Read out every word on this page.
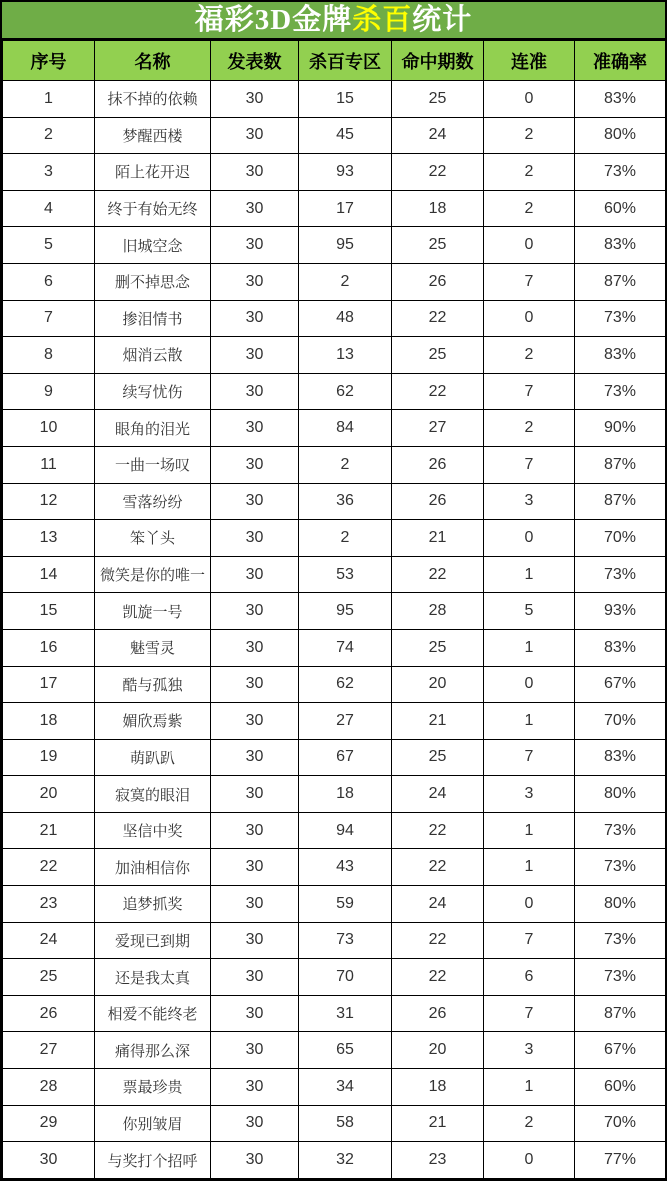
福彩3D金牌杀百统计
序号	名称	发表数	杀百专区	命中期数	连准	准确率
1	抹不掉的依赖	30	15	25	0	83%
2	梦醒西楼	30	45	24	2	80%
3	陌上花开迟	30	93	22	2	73%
4	终于有始无终	30	17	18	2	60%
5	旧城空念	30	95	25	0	83%
6	删不掉思念	30	2	26	7	87%
7	掺泪情书	30	48	22	0	73%
8	烟消云散	30	13	25	2	83%
9	续写忧伤	30	62	22	7	73%
10	眼角的泪光	30	84	27	2	90%
11	一曲一场叹	30	2	26	7	87%
12	雪落纷纷	30	36	26	3	87%
13	笨丫头	30	2	21	0	70%
14	微笑是你的唯一	30	53	22	1	73%
15	凯旋一号	30	95	28	5	93%
16	魅雪灵	30	74	25	1	83%
17	酷与孤独	30	62	20	0	67%
18	媚欣焉紫	30	27	21	1	70%
19	萌趴趴	30	67	25	7	83%
20	寂寞的眼泪	30	18	24	3	80%
21	坚信中奖	30	94	22	1	73%
22	加油相信你	30	43	22	1	73%
23	追梦抓奖	30	59	24	0	80%
24	爱现已到期	30	73	22	7	73%
25	还是我太真	30	70	22	6	73%
26	相爱不能终老	30	31	26	7	87%
27	痛得那么深	30	65	20	3	67%
28	票最珍贵	30	34	18	1	60%
29	你别皱眉	30	58	21	2	70%
30	与奖打个招呼	30	32	23	0	77%
